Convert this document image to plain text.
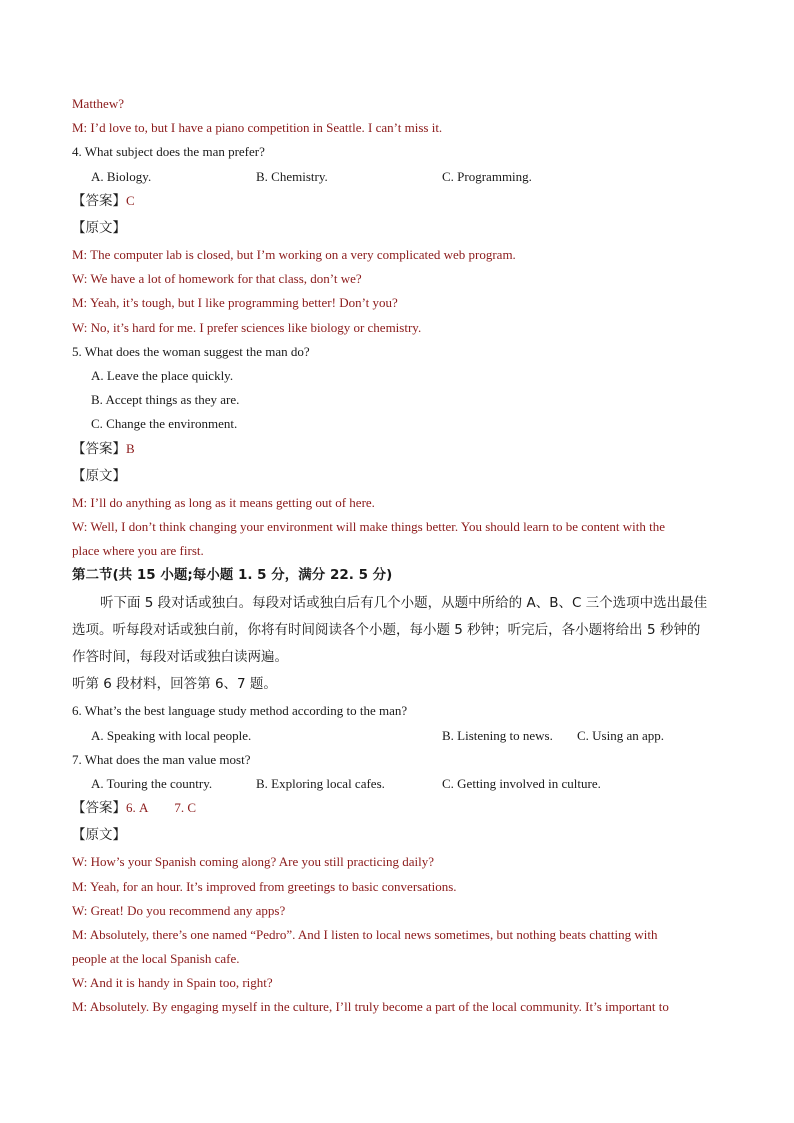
Matthew?
M: I’d love to, but I have a piano competition in Seattle. I can’t miss it.
4. What subject does the man prefer?
A. Biology.	B. Chemistry.	C. Programming.
【答案】C
【原文】
M: The computer lab is closed, but I’m working on a very complicated web program.
W: We have a lot of homework for that class, don’t we?
M: Yeah, it’s tough, but I like programming better! Don’t you?
W: No, it’s hard for me. I prefer sciences like biology or chemistry.
5. What does the woman suggest the man do?
A. Leave the place quickly.
B. Accept things as they are.
C. Change the environment.
【答案】B
【原文】
M: I’ll do anything as long as it means getting out of here.
W: Well, I don’t think changing your environment will make things better. You should learn to be content with the
place where you are first.
第二节(共 15 小题;每小题 1. 5 分，满分 22. 5 分)
听下面 5 段对话或独白。每段对话或独白后有几个小题，从题中所给的 A、B、C 三个选项中选出最佳
选项。听每段对话或独白前，你将有时间阅读各个小题，每小题 5 秒钟；听完后，各小题将给出 5 秒钟的
作答时间，每段对话或独白读两遍。
听第 6 段材料，回答第 6、7 题。
6. What’s the best language study method according to the man?
A. Speaking with local people.	B. Listening to news. C. Using an app.
7. What does the man value most?
A. Touring the country.	B. Exploring local cafes.	C. Getting involved in culture.
【答案】6. A 7. C
【原文】
W: How’s your Spanish coming along? Are you still practicing daily?
M: Yeah, for an hour. It’s improved from greetings to basic conversations.
W: Great! Do you recommend any apps?
M: Absolutely, there’s one named “Pedro”. And I listen to local news sometimes, but nothing beats chatting with
people at the local Spanish cafe.
W: And it is handy in Spain too, right?
M: Absolutely. By engaging myself in the culture, I’ll truly become a part of the local community. It’s important to
